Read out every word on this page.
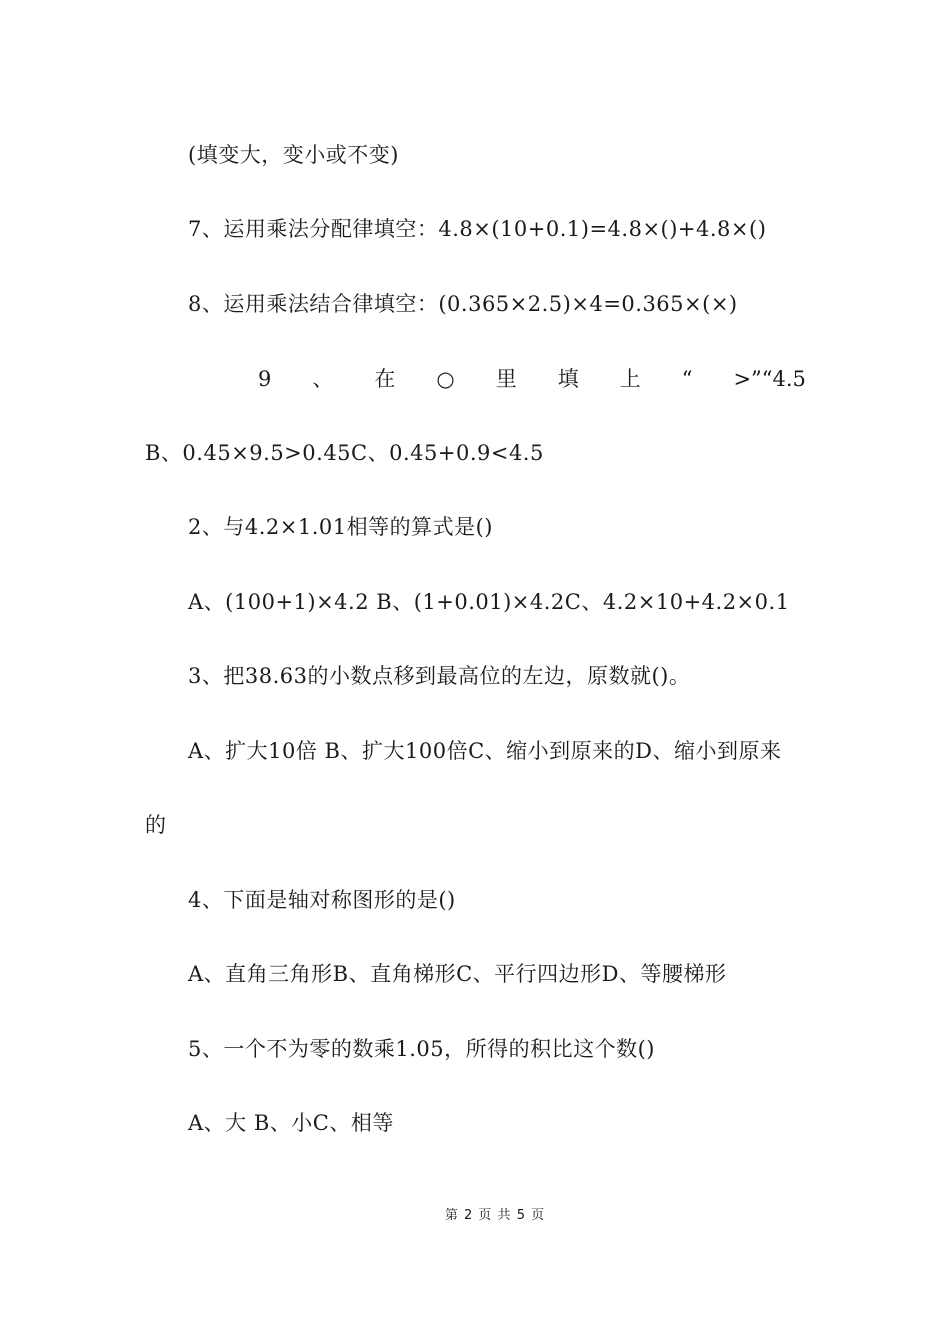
(填变大，变小或不变)
7、运用乘法分配律填空：4.8×(10+0.1)=4.8×()+4.8×()
8、运用乘法结合律填空：(0.365×2.5)×4=0.365×(×)
9 、 在 ○ 里 填 上 “ >”“4.5
B、0.45×9.5>0.45C、0.45+0.9<4.5
2、与4.2×1.01相等的算式是()
A、(100+1)×4.2 B、(1+0.01)×4.2C、4.2×10+4.2×0.1
3、把38.63的小数点移到最高位的左边，原数就()。
A、扩大10倍 B、扩大100倍C、缩小到原来的D、缩小到原来
的
4、下面是轴对称图形的是()
A、直角三角形B、直角梯形C、平行四边形D、等腰梯形
5、一个不为零的数乘1.05，所得的积比这个数()
A、大 B、小C、相等
第 2 页 共 5 页
